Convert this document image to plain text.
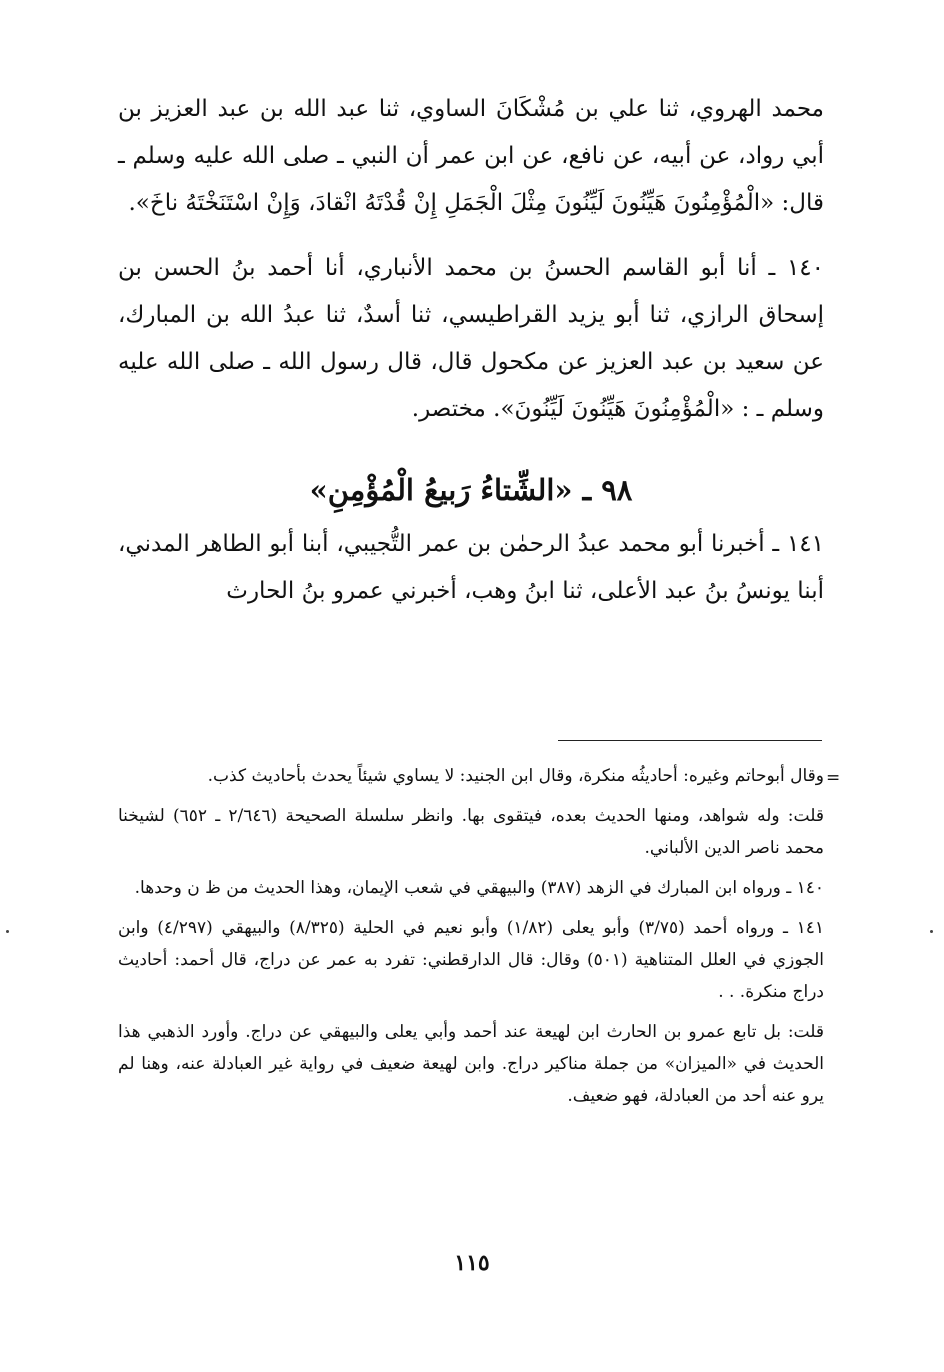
محمد الهروي، ثنا علي بن مُشْكَانَ الساوي، ثنا عبد الله بن عبد العزيز بن أبي رواد، عن أبيه، عن نافع، عن ابن عمر أن النبي ـ صلى الله عليه وسلم ـ قال: «الْمُؤْمِنُونَ هَيِّنُونَ لَيِّنُونَ مِثْلَ الْجَمَلِ إِنْ قُدْتَهُ انْقادَ، وَإِنْ اسْتَنَخْتَهُ ناخَ».

١٤٠ ـ أنا أبو القاسم الحسنُ بن محمد الأنباري، أنا أحمد بنُ الحسن بن إسحاق الرازي، ثنا أبو يزيد القراطيسي، ثنا أسدٌ، ثنا عبدُ الله بن المبارك، عن سعيد بن عبد العزيز عن مكحول قال، قال رسول الله ـ صلى الله عليه وسلم ـ : «الْمُؤْمِنُونَ هَيِّنُونَ لَيِّنُونَ». مختصر.

٩٨ ـ «الشِّتاءُ رَبيعُ الْمُؤْمِنِ»

١٤١ ـ أخبرنا أبو محمد عبدُ الرحمٰن بن عمر التُّجيبي، أبنا أبو الطاهر المدني، أبنا يونسُ بنُ عبد الأعلى، ثنا ابنُ وهب، أخبرني عمرو بنُ الحارث

=

وقال أبوحاتم وغيره: أحاديثُه منكرة، وقال ابن الجنيد: لا يساوي شيئاً يحدث بأحاديث كذب.

قلت: وله شواهد، ومنها الحديث بعده، فيتقوى بها. وانظر سلسلة الصحيحة (٢/٦٤٦ ـ ٦٥٢) لشيخنا محمد ناصر الدين الألباني.

١٤٠ ـ ورواه ابن المبارك في الزهد (٣٨٧) والبيهقي في شعب الإيمان، وهذا الحديث من ظ ن وحدها.

١٤١ ـ ورواه أحمد (٣/٧٥) وأبو يعلى (١/٨٢) وأبو نعيم في الحلية (٨/٣٢٥) والبيهقي (٤/٢٩٧) وابن الجوزي في العلل المتناهية (٥٠١) وقال: قال الدارقطني: تفرد به عمر عن دراج، قال أحمد: أحاديث دراج منكرة. . .

قلت: بل تابع عمرو بن الحارث ابن لهيعة عند أحمد وأبي يعلى والبيهقي عن دراج. وأورد الذهبي هذا الحديث في «الميزان» من جملة مناكير دراج. وابن لهيعة ضعيف في رواية غير العبادلة عنه، وهنا لم يرو عنه أحد من العبادلة، فهو ضعيف.

١١٥
